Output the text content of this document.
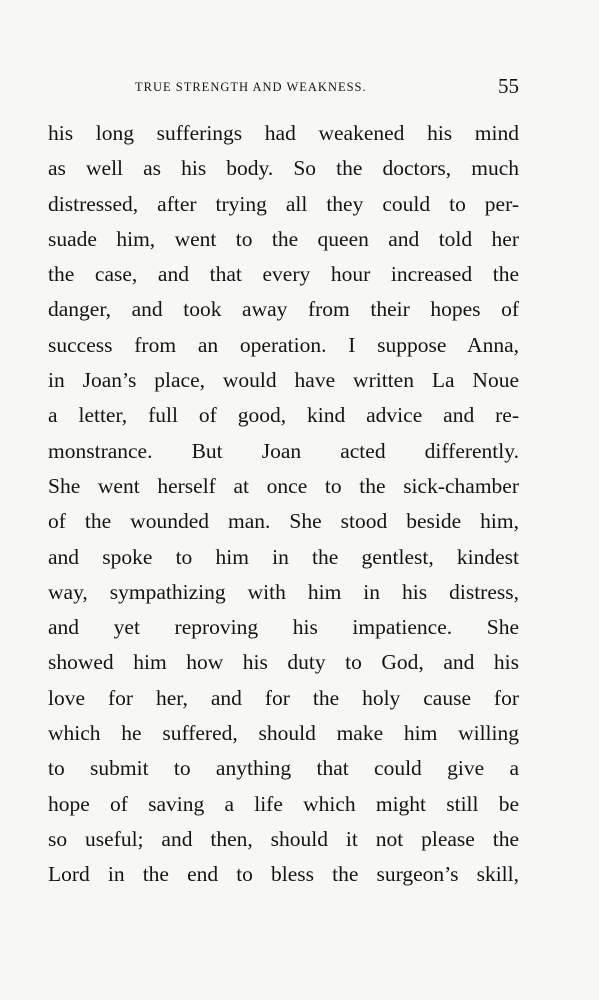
TRUE STRENGTH AND WEAKNESS.	55
his long sufferings had weakened his mind
as well as his body. So the doctors, much
distressed, after trying all they could to per-
suade him, went to the queen and told her
the case, and that every hour increased the
danger, and took away from their hopes of
success from an operation. I suppose Anna,
in Joan’s place, would have written La Noue
a letter, full of good, kind advice and re-
monstrance. But Joan acted differently.
She went herself at once to the sick-chamber
of the wounded man. She stood beside him,
and spoke to him in the gentlest, kindest
way, sympathizing with him in his distress,
and yet reproving his impatience. She
showed him how his duty to God, and his
love for her, and for the holy cause for
which he suffered, should make him willing
to submit to anything that could give a
hope of saving a life which might still be
so useful; and then, should it not please the
Lord in the end to bless the surgeon’s skill,
